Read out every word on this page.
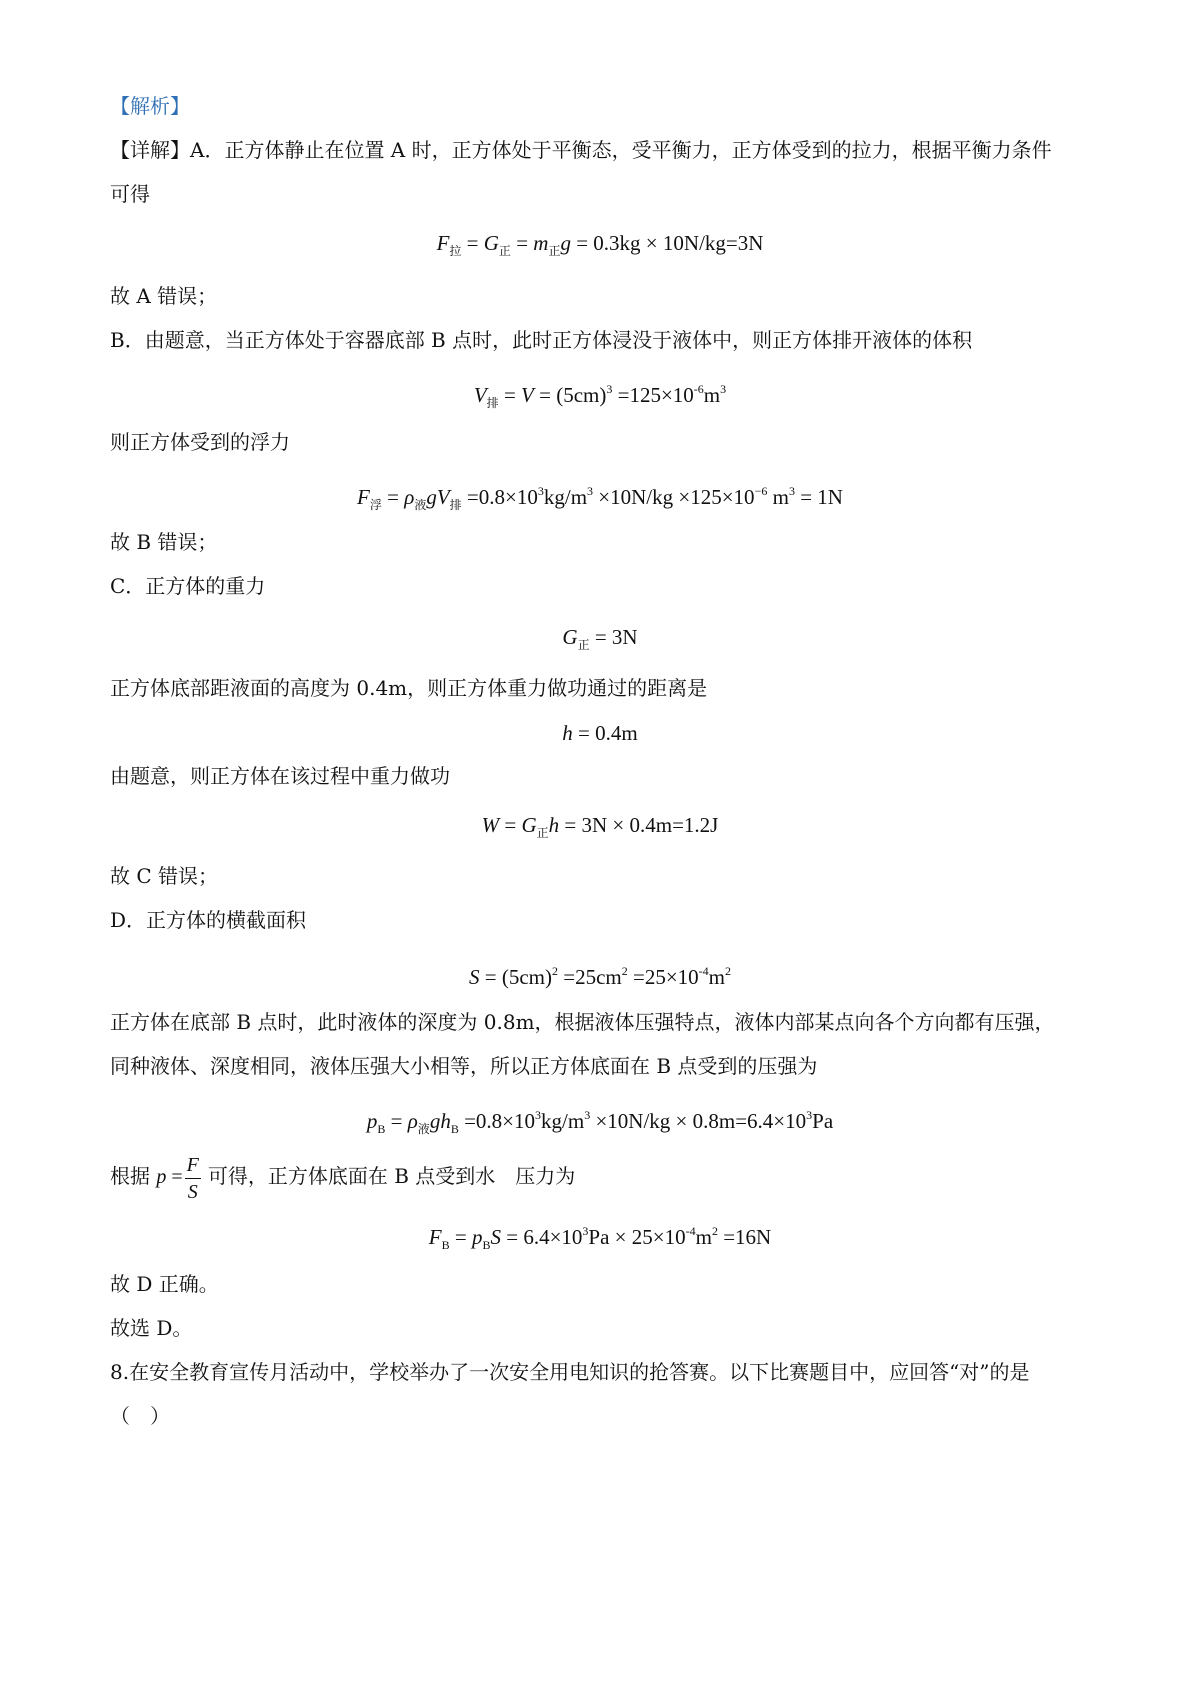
【解析】
【详解】A．正方体静止在位置 A 时，正方体处于平衡态，受平衡力，正方体受到的拉力，根据平衡力条件
可得
$F_拉 = G_正 = m_正g = 0.3kg \times 10N/kg=3N$
故 A 错误；
B．由题意，当正方体处于容器底部 B 点时，此时正方体浸没于液体中，则正方体排开液体的体积
$V_排 = V = (5cm)^3 =125\times 10^{-6}m^3$
则正方体受到的浮力
$F_浮 = \rho_液gV_排 =0.8\times 10^3kg/m^3 \times 10N/kg \times 125\times 10^{-6}$ $m^3 = 1N$
故 B 错误；
C．正方体的重力
$G_正 = 3N$
正方体底部距液面的高度为 0.4m，则正方体重力做功通过的距离是
h = 0.4m
由题意，则正方体在该过程中重力做功
$W = G_正h = 3N \times 0.4m=1.2J$
故 C 错误；
D．正方体的横截面积
$S = (5cm)^2 =25cm^2 =25\times 10^{-4}m^2$
正方体在底部 B 点时，此时液体的深度为 0.8m，根据液体压强特点，液体内部某点向各个方向都有压强，
同种液体、深度相同，液体压强大小相等，所以正方体底面在 B 点受到的压强为
$p_B = \rho_液gh_B =0.8\times 10^3kg/m^3 \times 10N/kg \times 0.8m=6.4\times 10^3Pa$
根据 $p = \frac{F}{S}$ 可得，正方体底面在 B 点受到水　压力为
$F_B = p_BS = 6.4\times 10^3Pa \times 25\times 10^{-4}m^2 =16N$
故 D 正确。
故选 D。
8.在安全教育宣传月活动中，学校举办了一次安全用电知识的抢答赛。以下比赛题目中，应回答“对”的是
（　）
